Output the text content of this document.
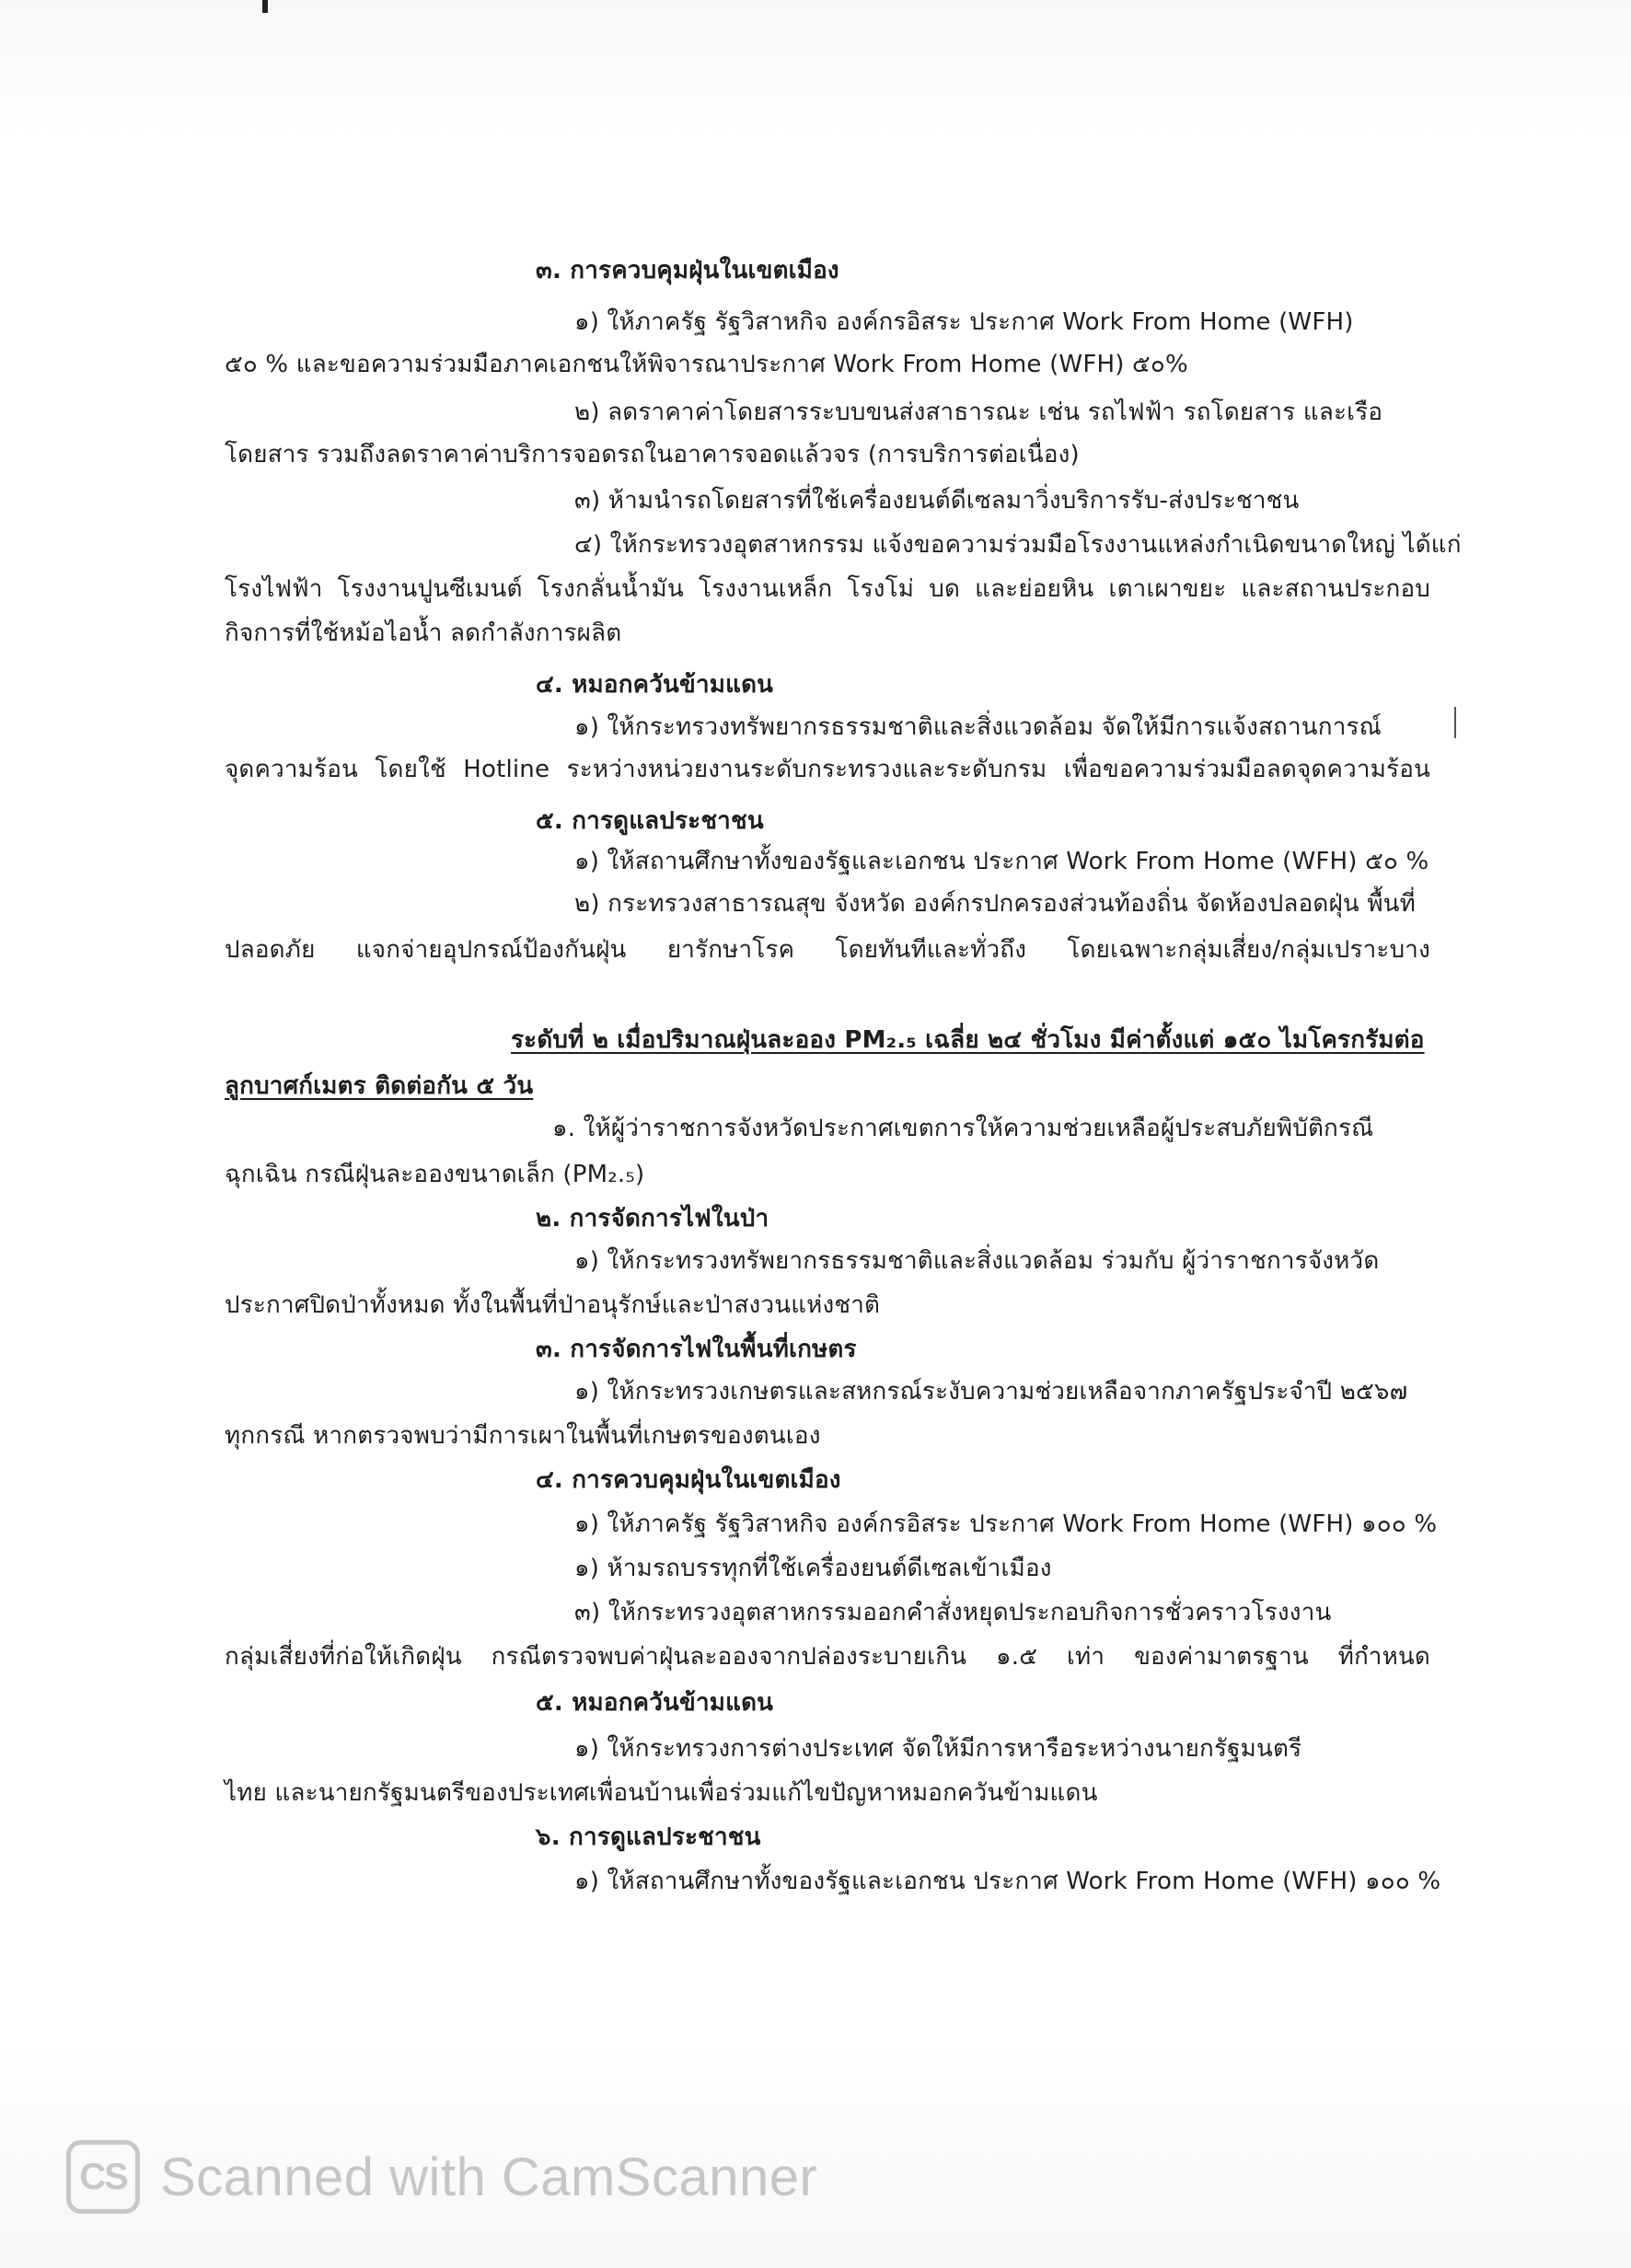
๓. การควบคุมฝุ่นในเขตเมือง
๑) ให้ภาครัฐ รัฐวิสาหกิจ องค์กรอิสระ ประกาศ Work From Home (WFH)
๕๐ % และขอความร่วมมือภาคเอกชนให้พิจารณาประกาศ Work From Home (WFH) ๕๐%
๒) ลดราคาค่าโดยสารระบบขนส่งสาธารณะ เช่น รถไฟฟ้า รถโดยสาร และเรือ
โดยสาร รวมถึงลดราคาค่าบริการจอดรถในอาคารจอดแล้วจร (การบริการต่อเนื่อง)
๓) ห้ามนำรถโดยสารที่ใช้เครื่องยนต์ดีเซลมาวิ่งบริการรับ-ส่งประชาชน
๔) ให้กระทรวงอุตสาหกรรม แจ้งขอความร่วมมือโรงงานแหล่งกำเนิดขนาดใหญ่ ได้แก่
โรงไฟฟ้า โรงงานปูนซีเมนต์ โรงกลั่นน้ำมัน โรงงานเหล็ก โรงโม่ บด และย่อยหิน เตาเผาขยะ และสถานประกอบ
กิจการที่ใช้หม้อไอน้ำ ลดกำลังการผลิต
๔. หมอกควันข้ามแดน
๑) ให้กระทรวงทรัพยากรธรรมชาติและสิ่งแวดล้อม จัดให้มีการแจ้งสถานการณ์
จุดความร้อน โดยใช้ Hotline ระหว่างหน่วยงานระดับกระทรวงและระดับกรม เพื่อขอความร่วมมือลดจุดความร้อน
๕. การดูแลประชาชน
๑) ให้สถานศึกษาทั้งของรัฐและเอกชน ประกาศ Work From Home (WFH) ๕๐ %
๒) กระทรวงสาธารณสุข จังหวัด องค์กรปกครองส่วนท้องถิ่น จัดห้องปลอดฝุ่น พื้นที่
ปลอดภัย แจกจ่ายอุปกรณ์ป้องกันฝุ่น ยารักษาโรค โดยทันทีและทั่วถึง โดยเฉพาะกลุ่มเสี่ยง/กลุ่มเปราะบาง
ระดับที่ ๒ เมื่อปริมาณฝุ่นละออง PM₂.₅ เฉลี่ย ๒๔ ชั่วโมง มีค่าตั้งแต่ ๑๕๐ ไมโครกรัมต่อ
ลูกบาศก์เมตร ติดต่อกัน ๕ วัน
๑. ให้ผู้ว่าราชการจังหวัดประกาศเขตการให้ความช่วยเหลือผู้ประสบภัยพิบัติกรณี
ฉุกเฉิน กรณีฝุ่นละอองขนาดเล็ก (PM₂.₅)
๒. การจัดการไฟในป่า
๑) ให้กระทรวงทรัพยากรธรรมชาติและสิ่งแวดล้อม ร่วมกับ ผู้ว่าราชการจังหวัด
ประกาศปิดป่าทั้งหมด ทั้งในพื้นที่ป่าอนุรักษ์และป่าสงวนแห่งชาติ
๓. การจัดการไฟในพื้นที่เกษตร
๑) ให้กระทรวงเกษตรและสหกรณ์ระงับความช่วยเหลือจากภาครัฐประจำปี ๒๕๖๗
ทุกกรณี หากตรวจพบว่ามีการเผาในพื้นที่เกษตรของตนเอง
๔. การควบคุมฝุ่นในเขตเมือง
๑) ให้ภาครัฐ รัฐวิสาหกิจ องค์กรอิสระ ประกาศ Work From Home (WFH) ๑๐๐ %
๑) ห้ามรถบรรทุกที่ใช้เครื่องยนต์ดีเซลเข้าเมือง
๓) ให้กระทรวงอุตสาหกรรมออกคำสั่งหยุดประกอบกิจการชั่วคราวโรงงาน
กลุ่มเสี่ยงที่ก่อให้เกิดฝุ่น กรณีตรวจพบค่าฝุ่นละอองจากปล่องระบายเกิน ๑.๕ เท่า ของค่ามาตรฐาน ที่กำหนด
๕. หมอกควันข้ามแดน
๑) ให้กระทรวงการต่างประเทศ จัดให้มีการหารือระหว่างนายกรัฐมนตรี
ไทย และนายกรัฐมนตรีของประเทศเพื่อนบ้านเพื่อร่วมแก้ไขปัญหาหมอกควันข้ามแดน
๖. การดูแลประชาชน
๑) ให้สถานศึกษาทั้งของรัฐและเอกชน ประกาศ Work From Home (WFH) ๑๐๐ %
CS Scanned with CamScanner
